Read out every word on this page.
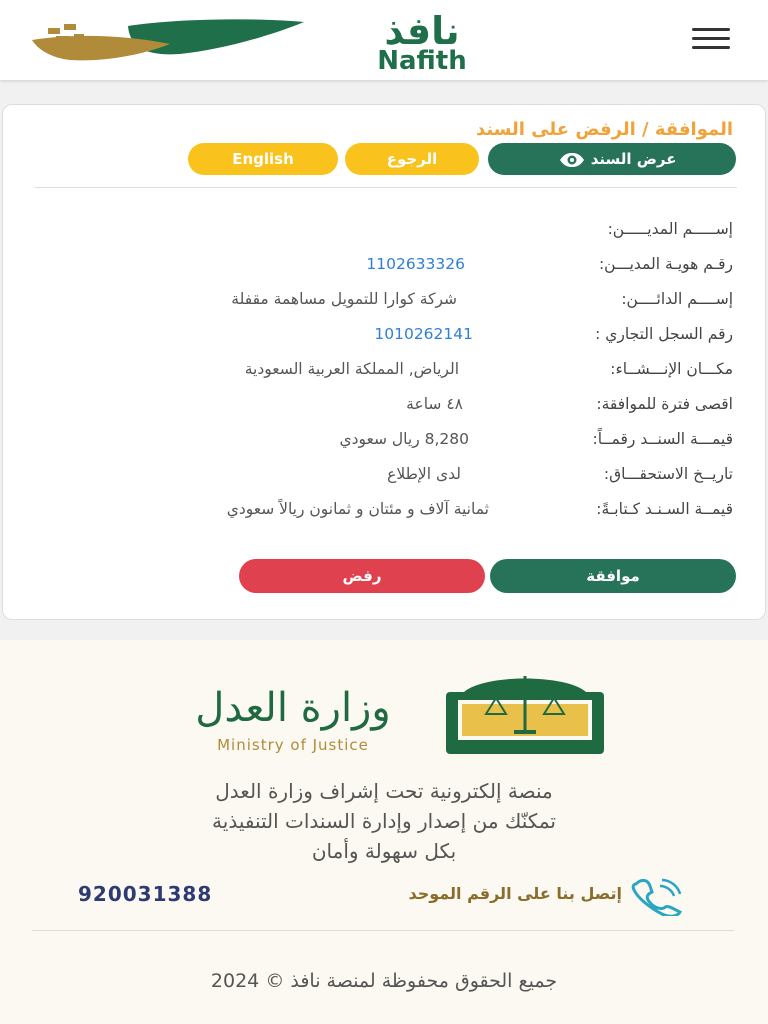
نافذ
Nafith
الموافقة / الرفض على السند
عرض السند
الرجوع
English
إســـــم المديـــــن:
رقـم هويـة المديـــن:
1102633326
إســــم الدائــــن:
شركة كوارا للتمويل مساهمة مقفلة
رقم السجل التجاري :
1010262141
مكـــان الإنـــشــاء:
الرياض, المملكة العربية السعودية
اقصى فترة للموافقة:
٤٨ ساعة
قيمـــة السنــد رقمــاً:
8,280 ريال سعودي
تاريــخ الاستحقـــاق:
لدى الإطلاع
قيمــة السـنـد كـتابـةً:
ثمانية آلاف و مئتان و ثمانون ريالاً سعودي
موافقة
رفض
وزارة العدل
Ministry of Justice
منصة إلكترونية تحت إشراف وزارة العدل
تمكنّك من إصدار وإدارة السندات التنفيذية
بكل سهولة وأمان
إتصل بنا على الرقم الموحد
920031388
جميع الحقوق محفوظة لمنصة نافذ © 2024
